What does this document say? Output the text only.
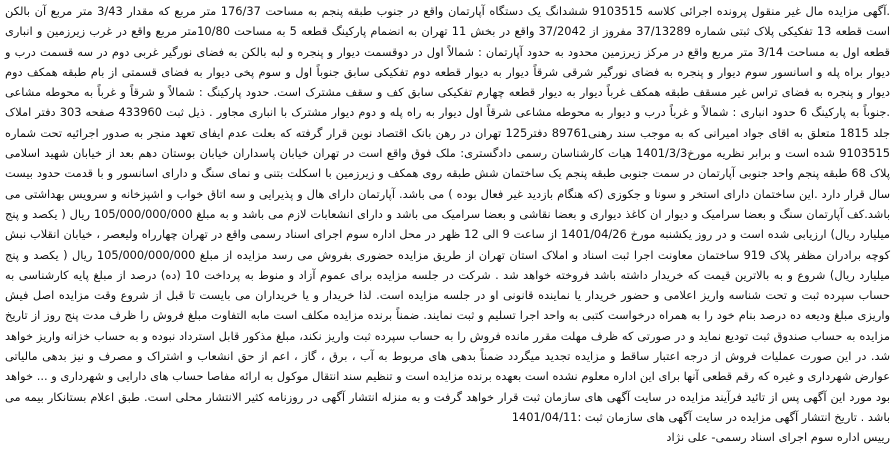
.آگهی مزایده مال غیر منقول پرونده اجرائی کلاسه 9103515 ششدانگ یک دستگاه آپارتمان واقع در جنوب طبقه پنجم به مساحت 176/37 متر مربع که مقدار 3/43 متر مربع آن بالکن است قطعه 13 تفکیکی پلاک ثبتی شماره 37/13289 مفروز از 37/2042 واقع در بخش 11 تهران به انضمام پارکینگ قطعه 5 به مساحت 10/80متر مربع واقع در غرب زیرزمین و انباری قطعه اول به مساحت 3/14 متر مربع واقع در مرکز زیرزمین محدود به حدود آپارتمان : شمالاً اول در دوقسمت دیوار و پنجره و لبه بالکن به فضای نورگیر غربی دوم در سه قسمت درب و دیوار براه پله و اسانسور سوم دیوار و پنجره به فضای نورگیر شرقی شرقاً دیوار به دیوار قطعه دوم تفکیکی سابق جنوباً اول و سوم پخی دیوار به فضای قسمتی از بام طبقه همکف دوم دیوار و پنجره به فضای تراس غیر مسقف طبقه همکف غرباً دیوار به دیوار قطعه چهارم تفکیکی سابق کف و سقف مشترک است. حدود پارکینگ : شمالاً و شرقاً و غرباً به محوطه مشاعی .جنوباً به پارکینگ 6 حدود انباری : شمالاً و غرباً درب و دیوار به محوطه مشاعی شرقاً اول دیوار به راه پله و دوم دیوار مشترک با انباری مجاور . ذیل ثبت 433960 صفحه 303 دفتر املاک جلد 1815 متعلق به اقای جواد امیرانی که به موجب سند رهنی89761 دفتر125 تهران در رهن بانک اقتصاد نوین قرار گرفته که بعلت عدم ایفای تعهد منجر به صدور اجرائیه تحت شماره 9103515 شده است و برابر نظریه مورخ1401/3/3 هیات کارشناسان رسمی دادگستری: ملک فوق واقع است در تهران خیابان پاسداران خیابان بوستان دهم بعد از خیابان شهید اسلامی پلاک 68 طبقه پنجم واحد جنوبی آپارتمان در سمت جنوبی طبقه پنجم یک ساختمان شش طبقه روی همکف و زیرزمین با اسکلت بتنی و نمای سنگ و دارای اسانسور و با قدمت حدود بیست سال قرار دارد .این ساختمان دارای استخر و سونا و جکوزی (که هنگام بازدید غیر فعال بوده ) می باشد. آپارتمان دارای هال و پذیرایی و سه اتاق خواب و اشپزخانه و سرویس بهداشتی می باشد.کف آپارتمان سنگ و بعضا سرامیک و دیوار ان کاغذ دیواری و بعضا نقاشی و بعضا سرامیک می باشد و دارای انشعابات لازم می باشد و به مبلغ 105/000/000/000 ریال ( یکصد و پنج میلیارد ریال) ارزیابی شده است و در روز یکشنبه مورخ 1401/04/26 از ساعت 9 الی 12 ظهر در محل اداره سوم اجرای اسناد رسمی واقع در تهران چهارراه ولیعصر ، خیابان انقلاب نبش کوچه برادران مظفر پلاک 919 ساختمان معاونت اجرا ثبت اسناد و املاک استان تهران از طریق مزایده حضوری بفروش می رسد مزایده از مبلغ 105/000/000/000 ریال ( یکصد و پنج میلیارد ریال) شروع و به بالاترین قیمت که خریدار داشته باشد فروخته خواهد شد . شرکت در جلسه مزایده برای عموم آزاد و منوط به پرداخت 10 (ده) درصد از مبلغ پایه کارشناسی به حساب سپرده ثبت و تحت شناسه واریز اعلامی و حضور خریدار یا نماینده قانونی او در جلسه مزایده است. لذا خریدار و یا خریداران می بایست تا قبل از شروع وقت مزایده اصل فیش واریزی مبلغ ودیعه ده درصد بنام خود را به همراه درخواست کتبی به واحد اجرا تسلیم و ثبت نمایند. ضمناً برنده مزایده مکلف است مابه التفاوت مبلغ فروش را ظرف مدت پنج روز از تاریخ مزایده به حساب صندوق ثبت توديع نمايد و در صورتی که ظرف مهلت مقرر مانده فروش را به حساب سپرده ثبت واریز نکند، مبلغ مذکور قابل استرداد نبوده و به حساب خزانه واریز خواهد شد. در این صورت عملیات فروش از درجه اعتبار ساقط و مزایده تجدید میگردد ضمناً بدهی های مربوط به آب ، برق ، گاز ، اعم از حق انشعاب و اشتراک و مصرف و نیز بدهی مالیاتی عوارض شهرداری و غیره که رقم قطعی آنها برای این اداره معلوم نشده است بعهده برنده مزایده است و تنظیم سند انتقال موکول به ارائه مفاصا حساب های دارایی و شهرداری و ... خواهد بود مورد این آگهی پس از تائید فرآیند مزایده در سایت آگهی های سازمان ثبت قرار خواهد گرفت و به منزله انتشار آگهی در روزنامه کثیر الانتشار محلی است. طبق اعلام بستانکار بیمه می باشد . تاریخ انتشار آگهی مزایده در سایت آگهی های سازمان ثبت :1401/04/11

رییس اداره سوم اجرای اسناد رسمی- علی نژاد
